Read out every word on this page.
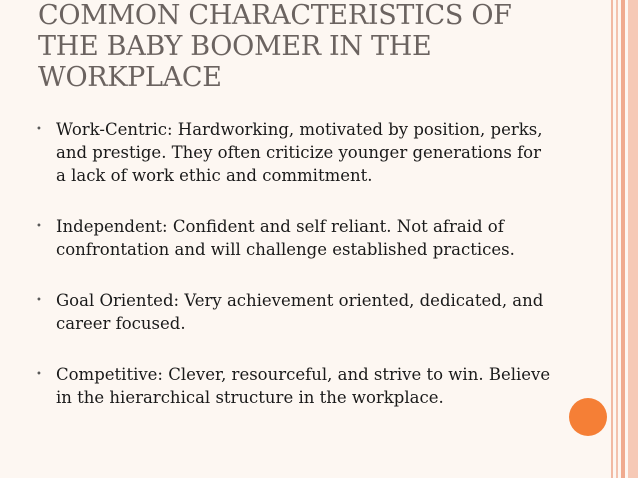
COMMON CHARACTERISTICS OF THE BABY BOOMER IN THE WORKPLACE
• Work-Centric: Hardworking, motivated by position, perks, and prestige. They often criticize younger generations for a lack of work ethic and commitment.
• Independent: Confident and self reliant. Not afraid of confrontation and will challenge established practices.
• Goal Oriented: Very achievement oriented, dedicated, and career focused.
• Competitive: Clever, resourceful, and strive to win. Believe in the hierarchical structure in the workplace.
